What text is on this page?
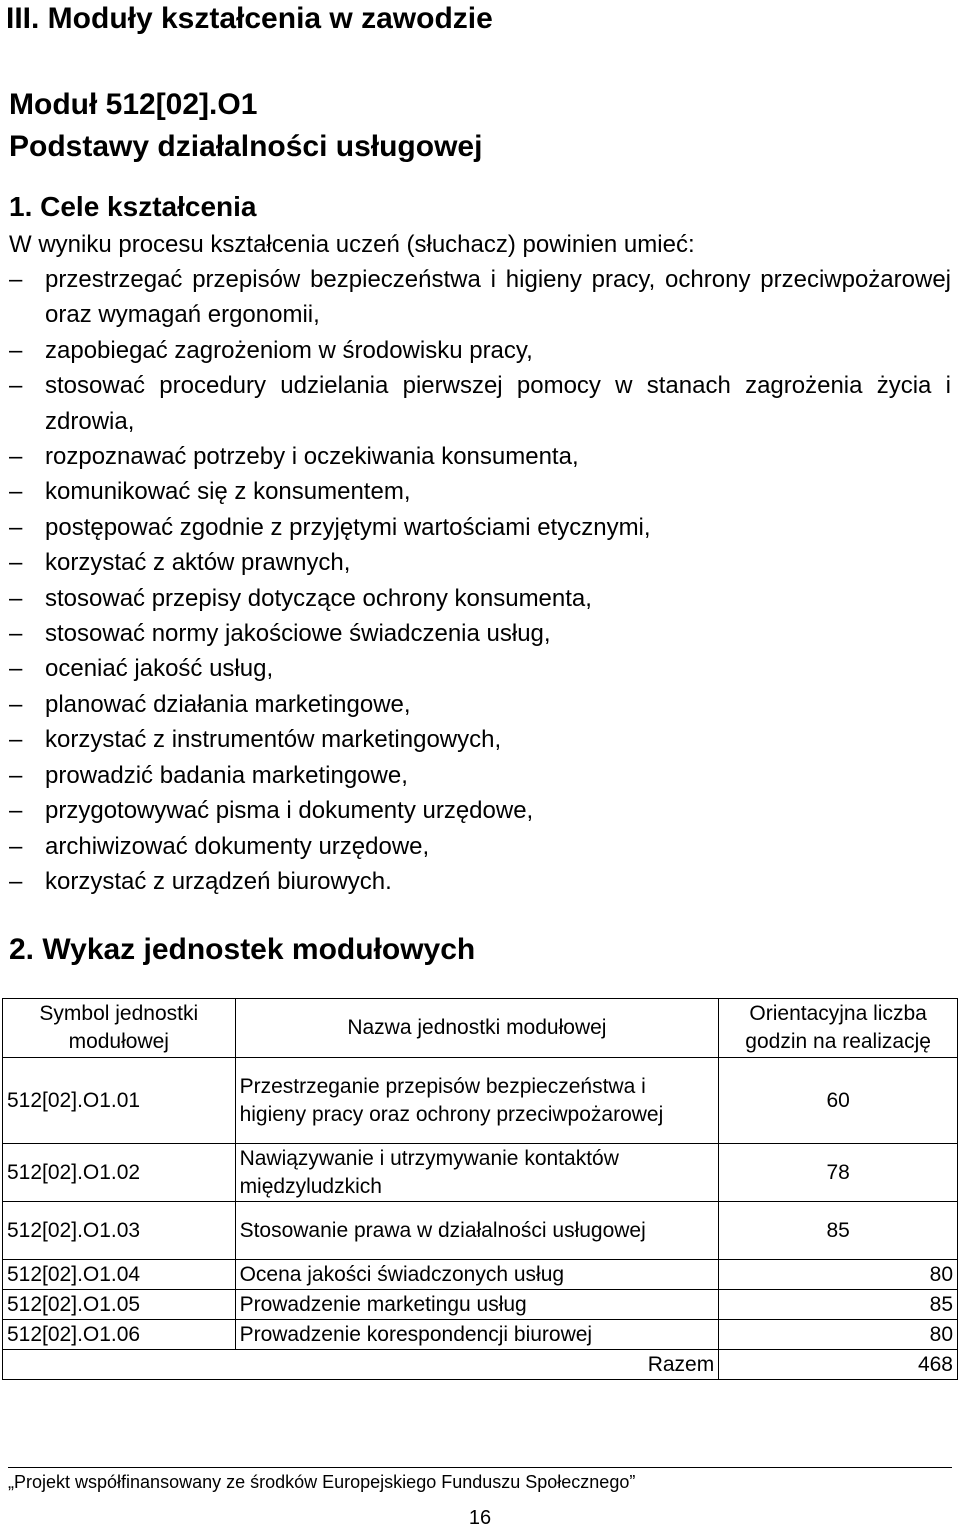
III. Moduły kształcenia w zawodzie
Moduł 512[02].O1
Podstawy działalności usługowej
1. Cele kształcenia

W wyniku procesu kształcenia uczeń (słuchacz) powinien umieć:

– przestrzegać przepisów bezpieczeństwa i higieny pracy, ochrony przeciwpożarowej oraz wymagań ergonomii,
– zapobiegać zagrożeniom w środowisku pracy,
– stosować procedury udzielania pierwszej pomocy w stanach zagrożenia życia i zdrowia,
– rozpoznawać potrzeby i oczekiwania konsumenta,
– komunikować się z konsumentem,
– postępować zgodnie z przyjętymi wartościami etycznymi,
– korzystać z aktów prawnych,
– stosować przepisy dotyczące ochrony konsumenta,
– stosować normy jakościowe świadczenia usług,
– oceniać jakość usług,
– planować działania marketingowe,
– korzystać z instrumentów marketingowych,
– prowadzić badania marketingowe,
– przygotowywać pisma i dokumenty urzędowe,
– archiwizować dokumenty urzędowe,
– korzystać z urządzeń biurowych.
2. Wykaz jednostek modułowych
Symbol jednostki modułowej	Nazwa jednostki modułowej	Orientacyjna liczba godzin na realizację
512[02].O1.01	Przestrzeganie przepisów bezpieczeństwa i higieny pracy oraz ochrony przeciwpożarowej	60
512[02].O1.02	Nawiązywanie i utrzymywanie kontaktów międzyludzkich	78
512[02].O1.03	Stosowanie prawa w działalności usługowej	85
512[02].O1.04	Ocena jakości świadczonych usług	80
512[02].O1.05	Prowadzenie marketingu usług	85
512[02].O1.06	Prowadzenie korespondencji biurowej	80
Razem		468
„Projekt współfinansowany ze środków Europejskiego Funduszu Społecznego”
16
